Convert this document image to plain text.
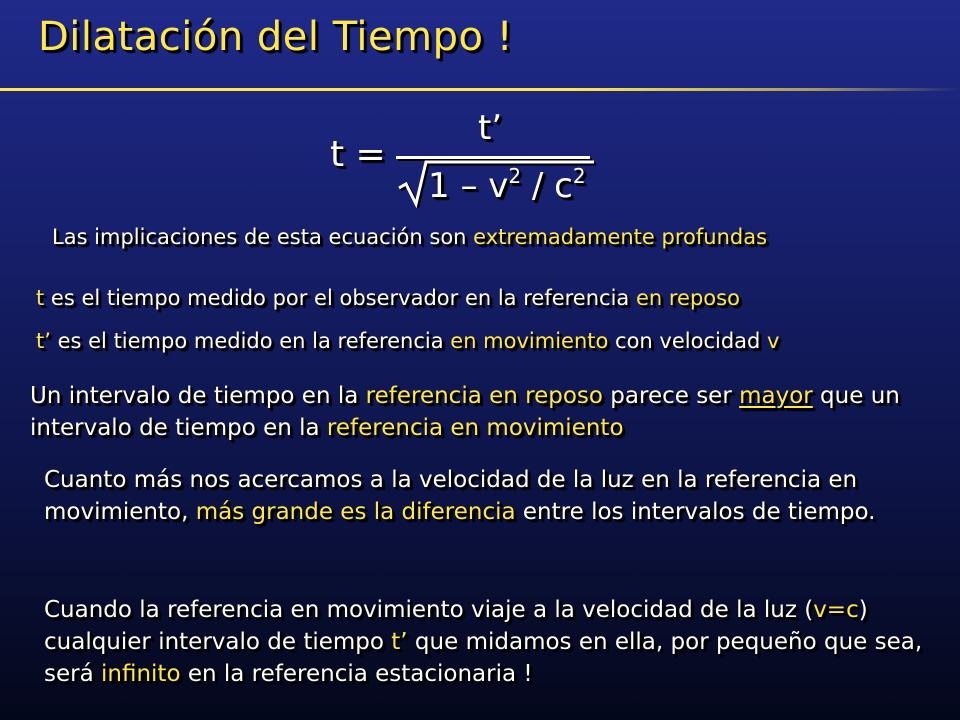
Dilatación del Tiempo !
t =
t’
$1 - v^2 / c^2$
Las implicaciones de esta ecuación son extremadamente profundas
t es el tiempo medido por el observador en la referencia en reposo
t’ es el tiempo medido en la referencia en movimiento con velocidad v
Un intervalo de tiempo en la referencia en reposo parece ser mayor que un intervalo de tiempo en la referencia en movimiento
Cuanto más nos acercamos a la velocidad de la luz en la referencia en movimiento, más grande es la diferencia entre los intervalos de tiempo.
Cuando la referencia en movimiento viaje a la velocidad de la luz (v=c) cualquier intervalo de tiempo t’ que midamos en ella, por pequeño que sea, será infinito en la referencia estacionaria !
